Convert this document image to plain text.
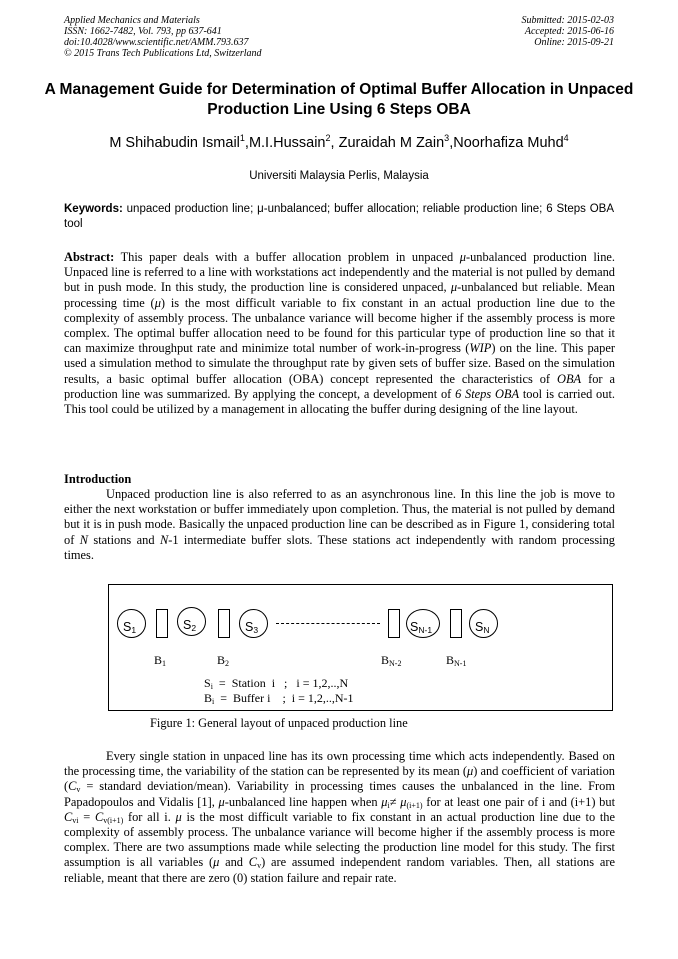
Applied Mechanics and Materials
ISSN: 1662-7482, Vol. 793, pp 637-641
doi:10.4028/www.scientific.net/AMM.793.637
© 2015 Trans Tech Publications Ltd, Switzerland
Submitted: 2015-02-03
Accepted: 2015-06-16
Online: 2015-09-21
A Management Guide for Determination of Optimal Buffer Allocation in Unpaced Production Line Using 6 Steps OBA
M Shihabudin Ismail$^1$,M.I.Hussain$^2$, Zuraidah M Zain$^3$,Noorhafiza Muhd$^4$
Universiti Malaysia Perlis, Malaysia
Keywords: unpaced production line; μ-unbalanced; buffer allocation; reliable production line; 6 Steps OBA tool
Abstract: This paper deals with a buffer allocation problem in unpaced μ-unbalanced production line. Unpaced line is referred to a line with workstations act independently and the material is not pulled by demand but in push mode. In this study, the production line is considered unpaced, μ-unbalanced but reliable. Mean processing time (μ) is the most difficult variable to fix constant in an actual production line due to the complexity of assembly process. The unbalance variance will become higher if the assembly process is more complex. The optimal buffer allocation need to be found for this particular type of production line so that it can maximize throughput rate and minimize total number of work-in-progress (WIP) on the line. This paper used a simulation method to simulate the throughput rate by given sets of buffer size. Based on the simulation results, a basic optimal buffer allocation (OBA) concept represented the characteristics of OBA for a production line was summarized. By applying the concept, a development of 6 Steps OBA tool is carried out. This tool could be utilized by a management in allocating the buffer during designing of the line layout.
Introduction
Unpaced production line is also referred to as an asynchronous line. In this line the job is move to either the next workstation or buffer immediately upon completion. Thus, the material is not pulled by demand but it is in push mode. Basically the unpaced production line can be described as in Figure 1, considering total of N stations and N-1 intermediate buffer slots. These stations act independently with random processing times.
$S_1$	$S_2$	$S_3$	$S_{N-1}$	$S_N$
$B_1$	$B_2$	$B_{N-2}$	$B_{N-1}$
$S_i$  =  Station  i   ;   i = 1,2,..,N
$B_i$  =  Buffer i    ;  i = 1,2,..,N-1
Figure 1: General layout of unpaced production line
Every single station in unpaced line has its own processing time which acts independently. Based on the processing time, the variability of the station can be represented by its mean (μ) and coefficient of variation ($C_v$ = standard deviation/mean). Variability in processing times causes the unbalanced in the line. From Papadopoulos and Vidalis [1], μ-unbalanced line happen when $\mu_i\ne \mu_{(i+1)}$ for at least one pair of i and (i+1) but $C_{vi} = C_{v(i+1)}$ for all i. μ is the most difficult variable to fix constant in an actual production line due to the complexity of assembly process. The unbalance variance will become higher if the assembly process is more complex. There are two assumptions made while selecting the production line model for this study. The first assumption is all variables (μ and $C_v$) are assumed independent random variables. Then, all stations are reliable, meant that there are zero (0) station failure and repair rate.
